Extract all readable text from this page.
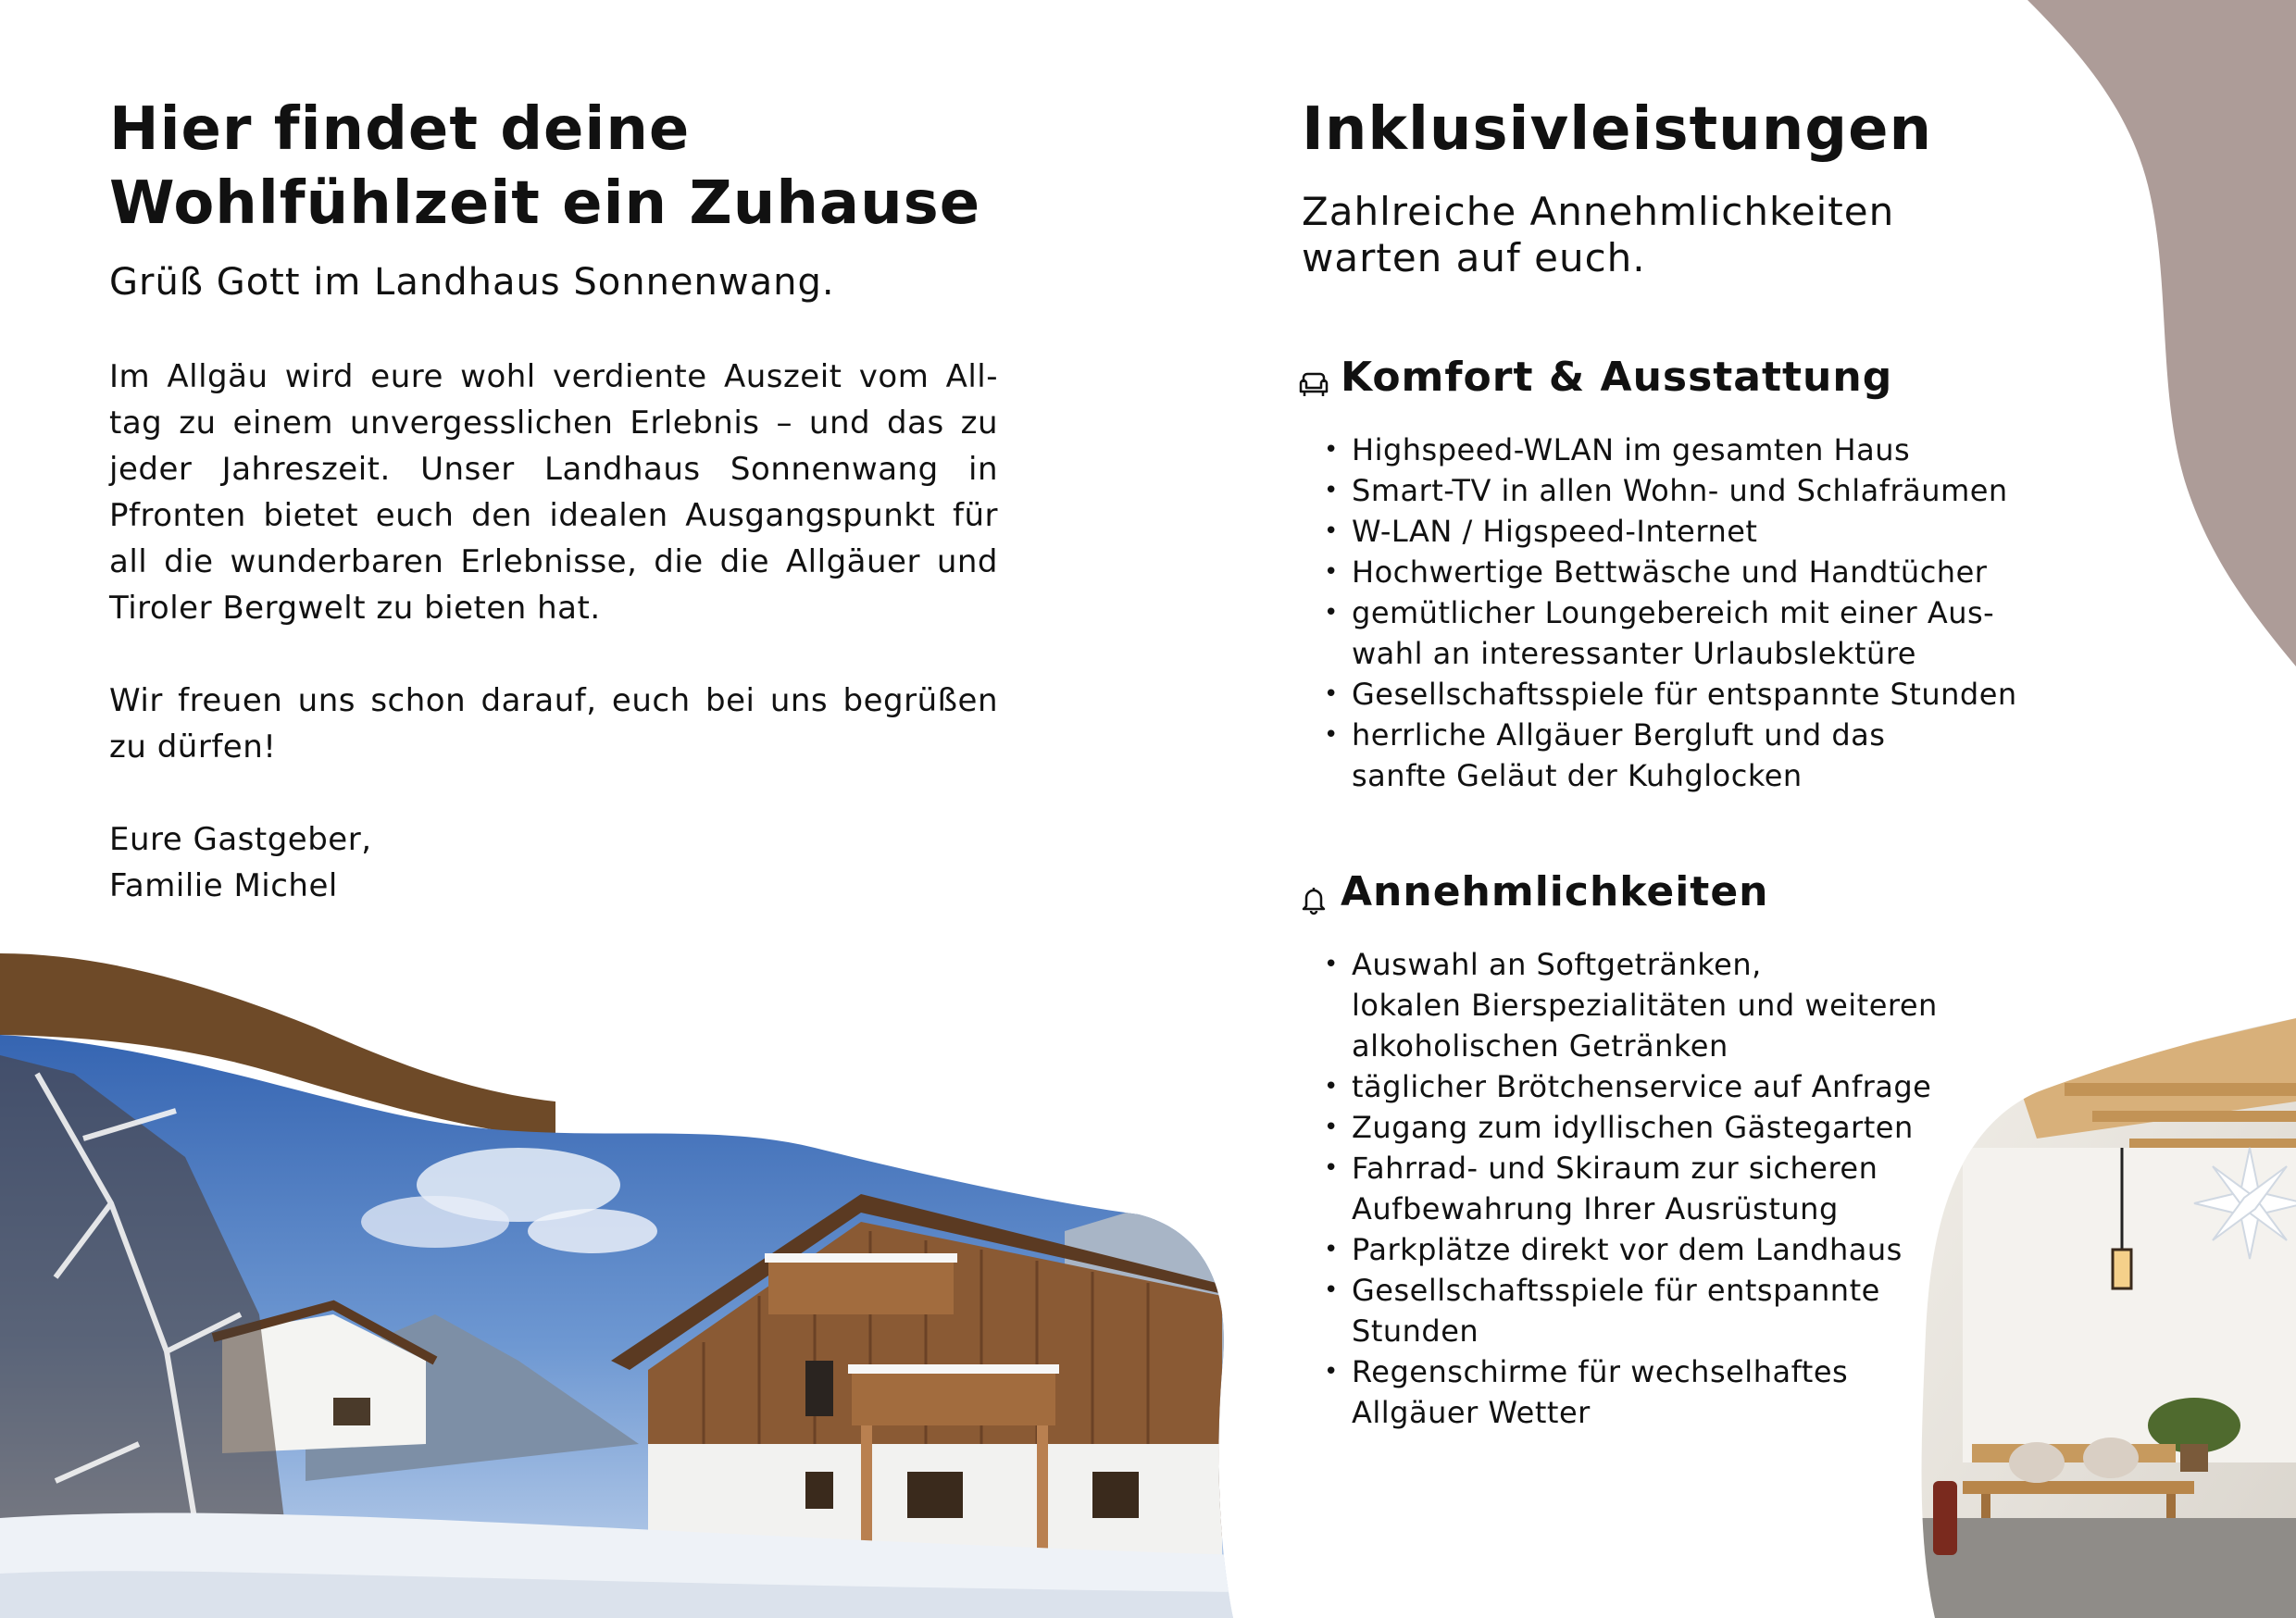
Hier findet deine
Wohlfühlzeit ein Zuhause

Grüß Gott im Landhaus Sonnenwang.

Im Allgäu wird eure wohl verdiente Auszeit vom All-tag zu einem unvergesslichen Erlebnis – und das zu jeder Jahreszeit. Unser Landhaus Sonnenwang in Pfronten bietet euch den idealen Ausgangspunkt für all die wunderbaren Erlebnisse, die die Allgäuer und Tiroler Bergwelt zu bieten hat.

Wir freuen uns schon darauf, euch bei uns begrüßen zu dürfen!

Eure Gastgeber,
Familie Michel

Inklusivleistungen

Zahlreiche Annehmlichkeiten
warten auf euch.

Komfort & Ausstattung
• Highspeed-WLAN im gesamten Haus
• Smart-TV in allen Wohn- und Schlafräumen
• W-LAN / Higspeed-Internet
• Hochwertige Bettwäsche und Handtücher
• gemütlicher Loungebereich mit einer Aus-
wahl an interessanter Urlaubslektüre
• Gesellschaftsspiele für entspannte Stunden
• herrliche Allgäuer Bergluft und das
sanfte Geläut der Kuhglocken
Annehmlichkeiten
• Auswahl an Softgetränken,
lokalen Bierspezialitäten und weiteren
alkoholischen Getränken
• täglicher Brötchenservice auf Anfrage
• Zugang zum idyllischen Gästegarten
• Fahrrad- und Skiraum zur sicheren
Aufbewahrung Ihrer Ausrüstung
• Parkplätze direkt vor dem Landhaus
• Gesellschaftsspiele für entspannte
Stunden
• Regenschirme für wechselhaftes
Allgäuer Wetter
